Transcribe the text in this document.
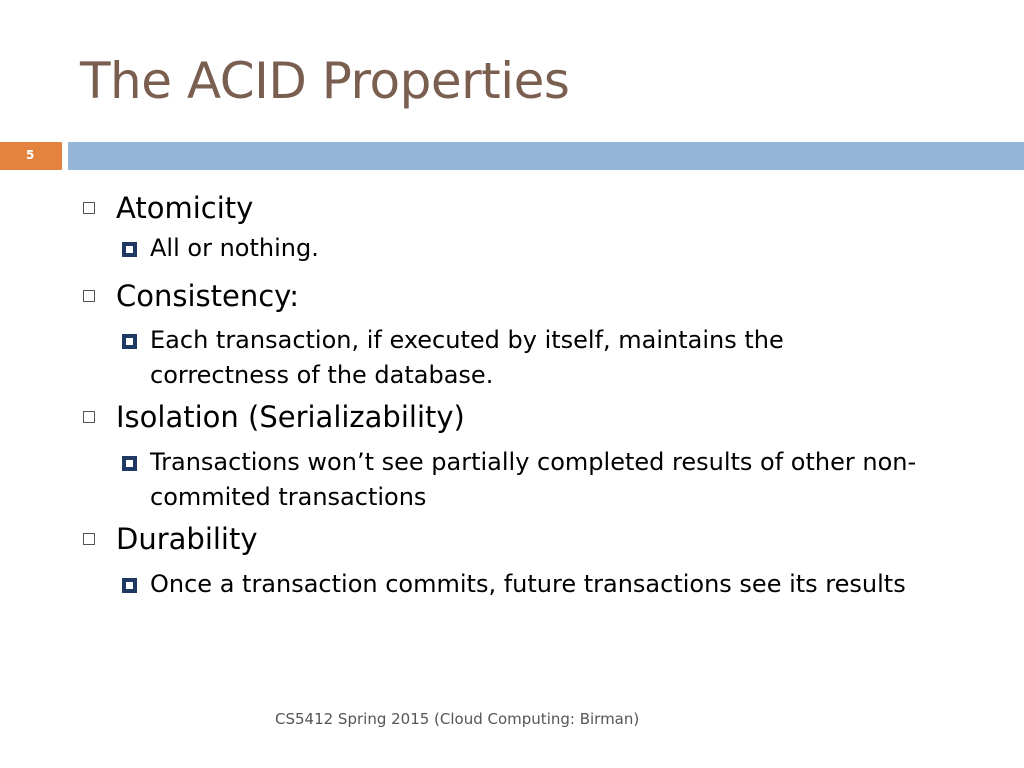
The ACID Properties
5
Atomicity
All or nothing.
Consistency:
Each transaction, if executed by itself, maintains the correctness of the database.
Isolation (Serializability)
Transactions won’t see partially completed results of other non-commited transactions
Durability
Once a transaction commits, future transactions see its results
CS5412 Spring 2015 (Cloud Computing: Birman)
